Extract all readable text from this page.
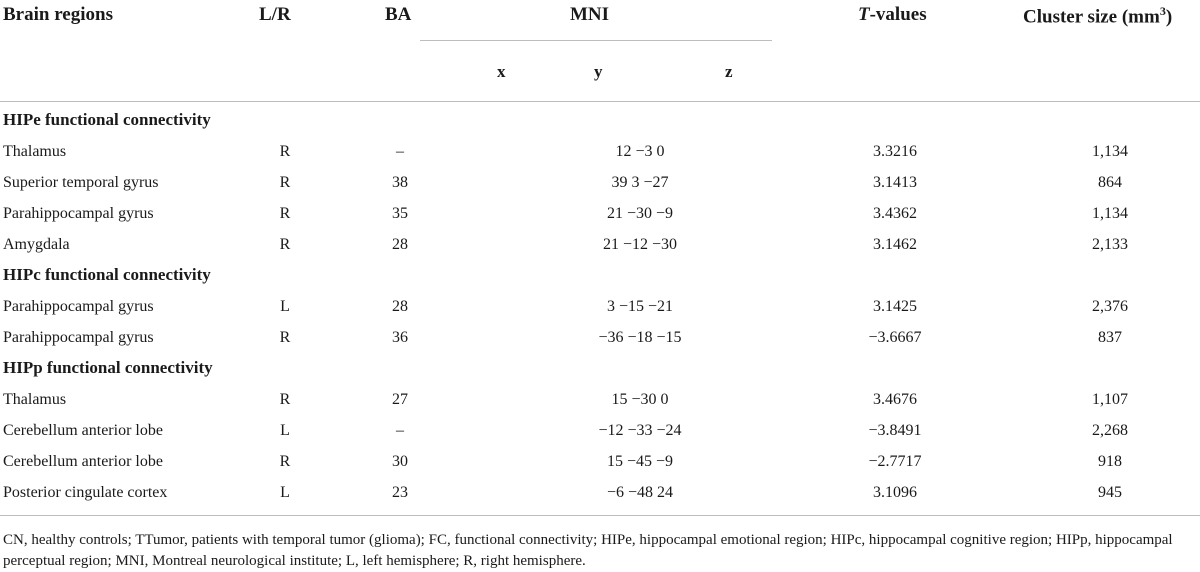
Brain regions	L/R	BA	MNI	T-values	Cluster size $(mm^3)$
x	y	z
HIPe functional connectivity
Thalamus	R	–	12 −3 0	3.3216	1,134
Superior temporal gyrus	R	38	39 3 −27	3.1413	864
Parahippocampal gyrus	R	35	21 −30 −9	3.4362	1,134
Amygdala	R	28	21 −12 −30	3.1462	2,133
HIPc functional connectivity
Parahippocampal gyrus	L	28	3 −15 −21	3.1425	2,376
Parahippocampal gyrus	R	36	−36 −18 −15	−3.6667	837
HIPp functional connectivity
Thalamus	R	27	15 −30 0	3.4676	1,107
Cerebellum anterior lobe	L	–	−12 −33 −24	−3.8491	2,268
Cerebellum anterior lobe	R	30	15 −45 −9	−2.7717	918
Posterior cingulate cortex	L	23	−6 −48 24	3.1096	945
CN, healthy controls; TTumor, patients with temporal tumor (glioma); FC, functional connectivity; HIPe, hippocampal emotional region; HIPc, hippocampal cognitive region; HIPp, hippocampal perceptual region; MNI, Montreal neurological institute; L, left hemisphere; R, right hemisphere.
